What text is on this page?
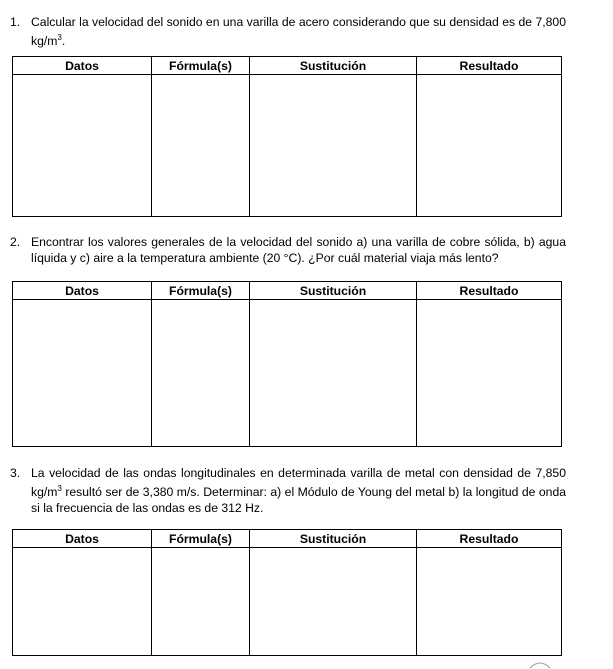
1. Calcular la velocidad del sonido en una varilla de acero considerando que su densidad es de 7,800 $kg/m^3$.
Datos	Fórmula(s)	Sustitución	Resultado

2. Encontrar los valores generales de la velocidad del sonido a) una varilla de cobre sólida, b) agua líquida y c) aire a la temperatura ambiente (20 °C). ¿Por cuál material viaja más lento?
Datos	Fórmula(s)	Sustitución	Resultado

3. La velocidad de las ondas longitudinales en determinada varilla de metal con densidad de 7,850 $kg/m^3$ resultó ser de 3,380 m/s. Determinar: a) el Módulo de Young del metal b) la longitud de onda si la frecuencia de las ondas es de 312 Hz.
Datos	Fórmula(s)	Sustitución	Resultado
